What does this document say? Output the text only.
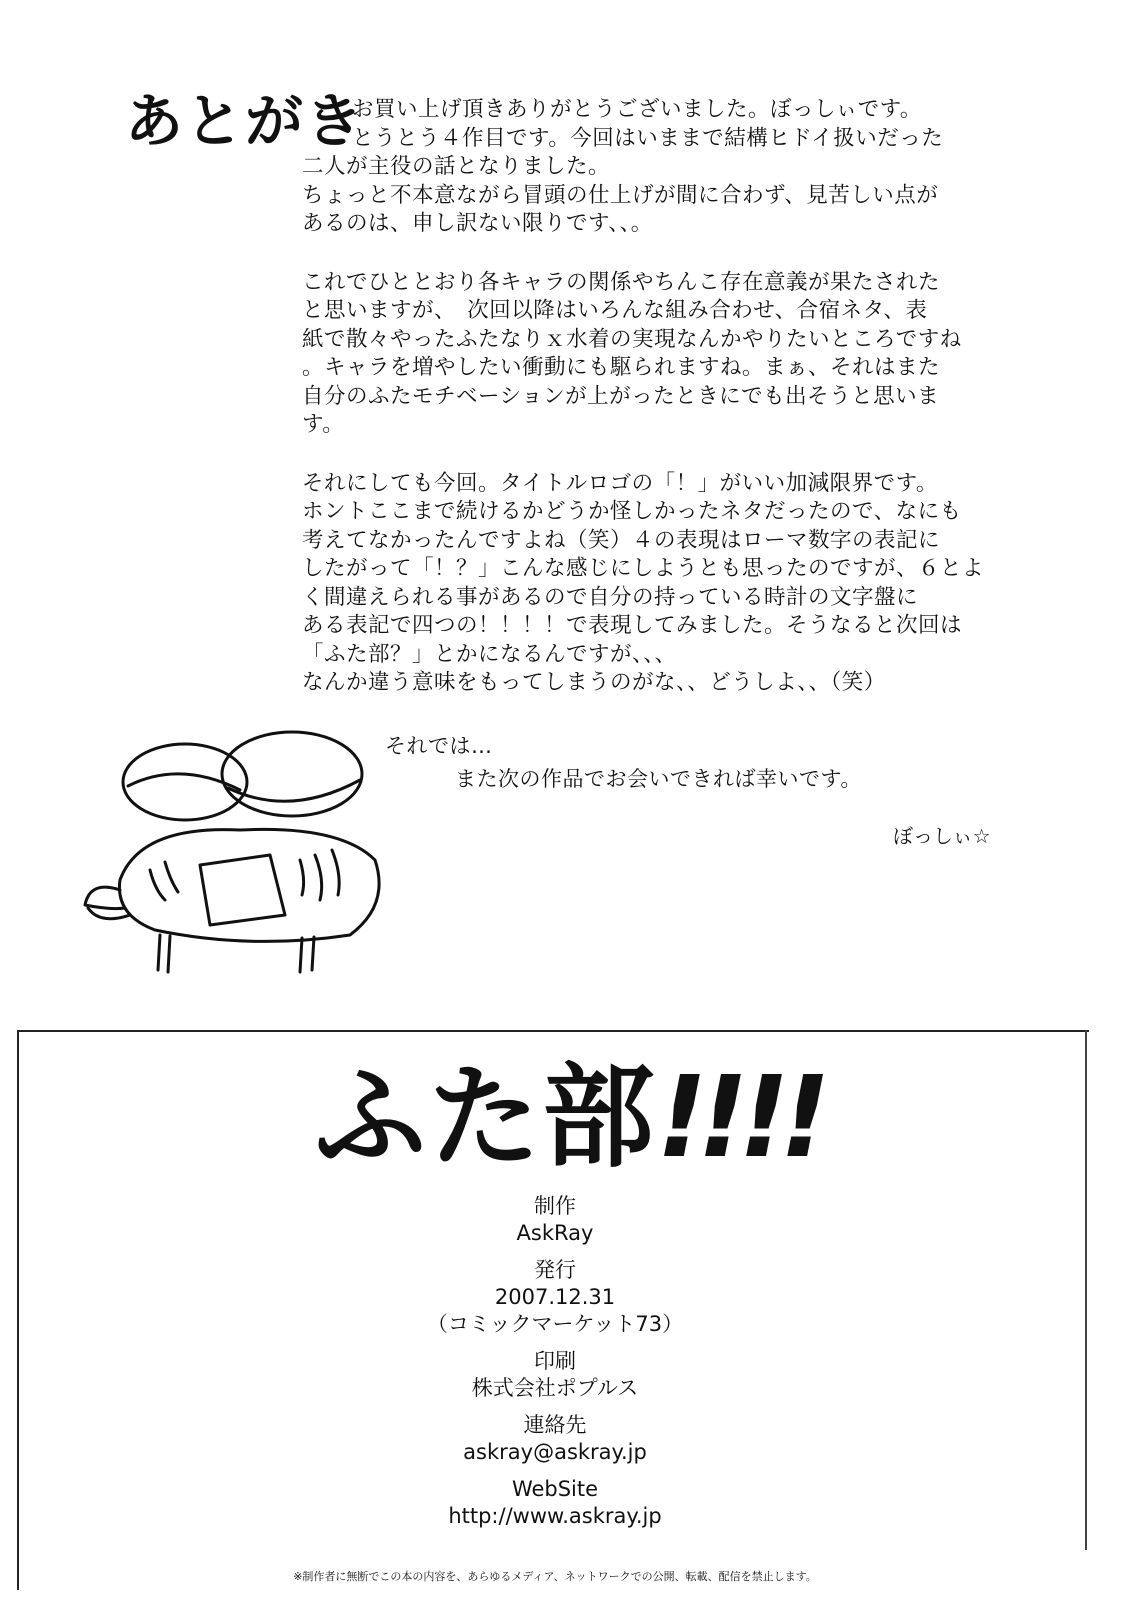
あとがき
お買い上げ頂きありがとうございました。ぼっしぃです。
とうとう４作目です。今回はいままで結構ヒドイ扱いだった
二人が主役の話となりました。
ちょっと不本意ながら冒頭の仕上げが間に合わず、見苦しい点が
あるのは、申し訳ない限りです、、。
これでひととおり各キャラの関係やちんこ存在意義が果たされた
と思いますが、　次回以降はいろんな組み合わせ、合宿ネタ、表
紙で散々やったふたなりｘ水着の実現なんかやりたいところですね
。キャラを増やしたい衝動にも駆られますね。まぁ、それはまた
自分のふたモチベーションが上がったときにでも出そうと思いま
す。
それにしても今回。タイトルロゴの「！」がいい加減限界です。
ホントここまで続けるかどうか怪しかったネタだったので、なにも
考えてなかったんですよね（笑）４の表現はローマ数字の表記に
したがって「！？」こんな感じにしようとも思ったのですが、６とよ
く間違えられる事があるので自分の持っている時計の文字盤に
ある表記で四つの！！！！で表現してみました。そうなると次回は
「ふた部？」とかになるんですが、、、
なんか違う意味をもってしまうのがな、、どうしよ、、（笑）
それでは…
また次の作品でお会いできれば幸いです。
ぼっしぃ☆
ふた部!!!!
制作
AskRay
発行
2007.12.31
（コミックマーケット73）
印刷
株式会社ポプルス
連絡先
askray@askray.jp
WebSite
http://www.askray.jp
※制作者に無断でこの本の内容を、あらゆるメディア、ネットワークでの公開、転載、配信を禁止します。
